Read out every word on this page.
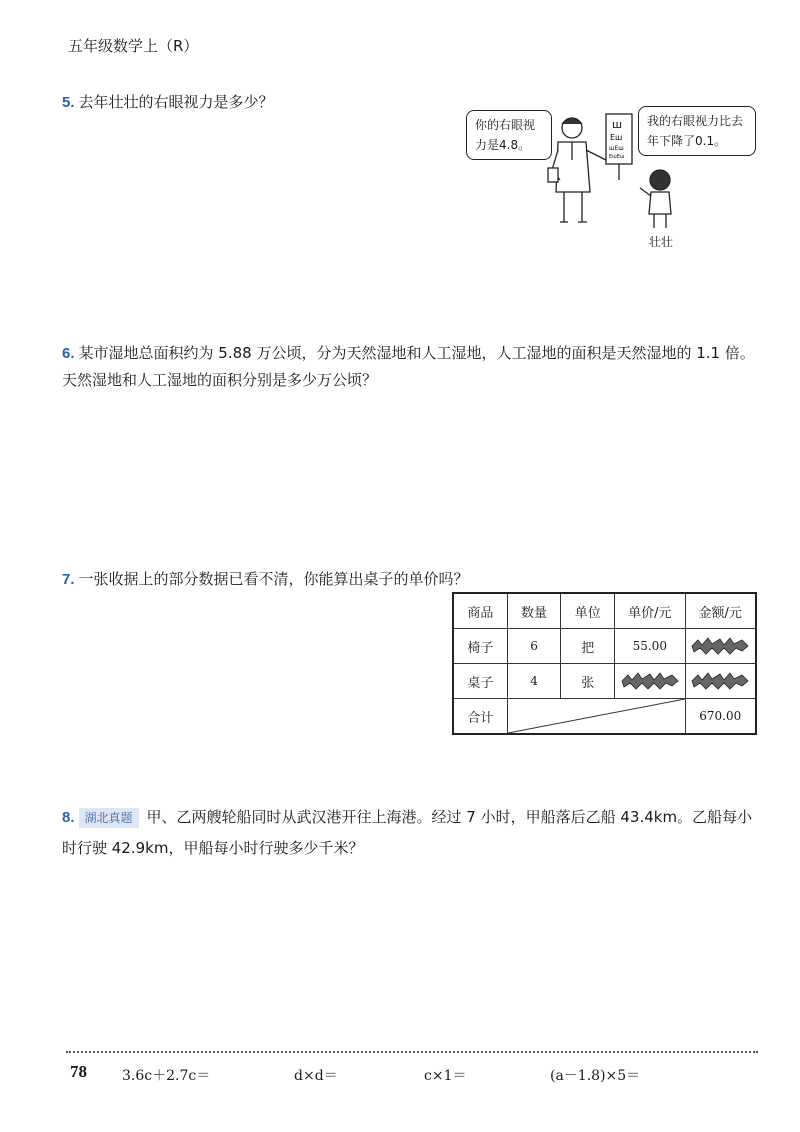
五年级数学上（R）
5. 去年壮壮的右眼视力是多少？
ш
Eш
шEш
EшEш
你的右眼视力是4.8。
我的右眼视力比去年下降了0.1。
壮壮
6. 某市湿地总面积约为 5.88 万公顷，分为天然湿地和人工湿地，人工湿地的面积是天然湿地的 1.1 倍。天然湿地和人工湿地的面积分别是多少万公顷？
7. 一张收据上的部分数据已看不清，你能算出桌子的单价吗？
商品	数量	单位	单价/元	金额/元
椅子	6	把	55.00	

桌子	4	张	

合计				670.00
8. 湖北真题 甲、乙两艘轮船同时从武汉港开往上海港。经过 7 小时，甲船落后乙船 43.4km。乙船每小时行驶 42.9km，甲船每小时行驶多少千米？
78	3.6c＋2.7c＝	d×d＝	c×1＝	(a－1.8)×5＝
